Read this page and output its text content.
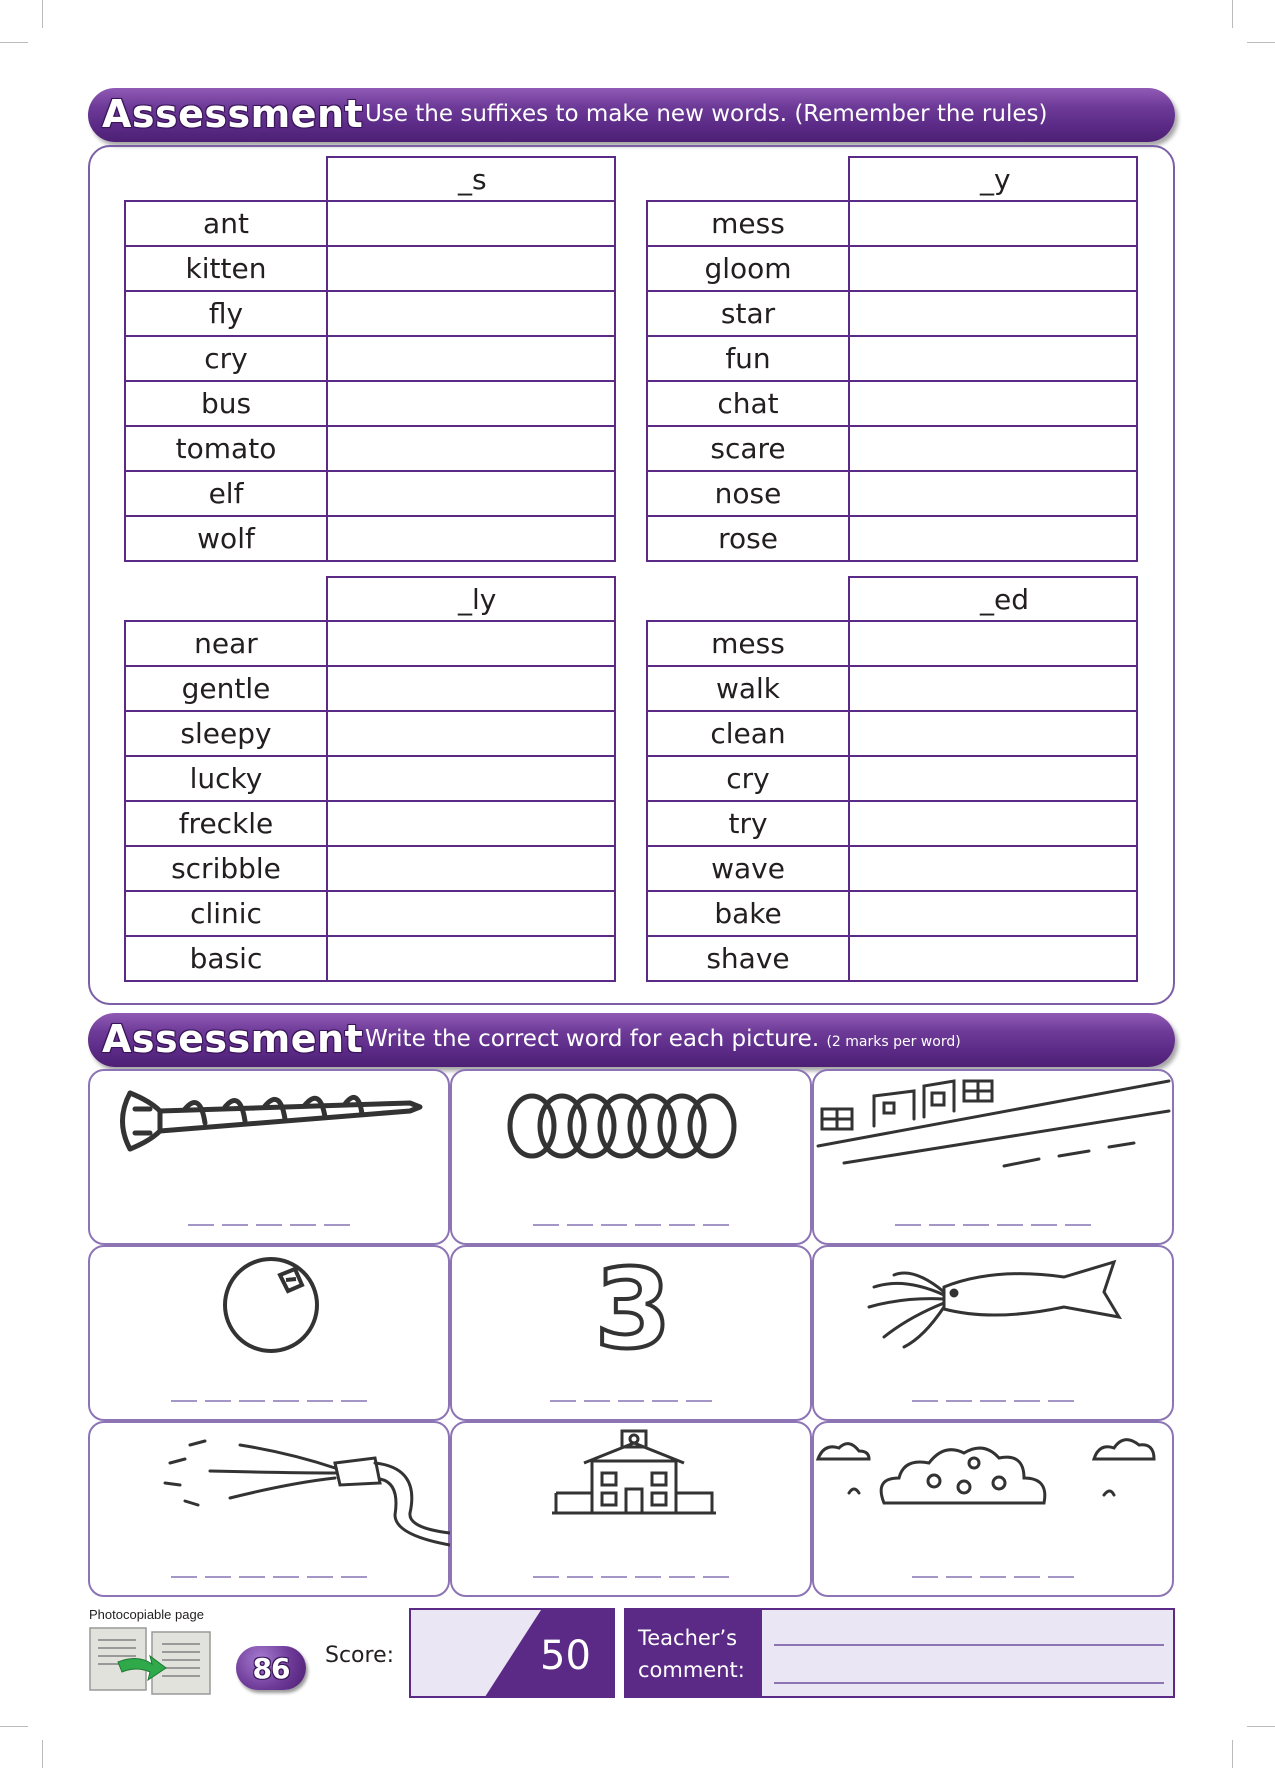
Assessment Use the suffixes to make new words. (Remember the rules)
	_s
ant	
kitten	
fly	
cry	
bus	
tomato	
elf	
wolf	
	_y
mess	
gloom	
star	
fun	
chat	
scare	
nose	
rose	
	_ly
near	
gentle	
sleepy	
lucky	
freckle	
scribble	
clinic	
basic	
	_ed
mess	
walk	
clean	
cry	
try	
wave	
bake	
shave	
Assessment Write the correct word for each picture. (2 marks per word)
3
Photocopiable page
86	Score:	50 Teacher’s
comment:
